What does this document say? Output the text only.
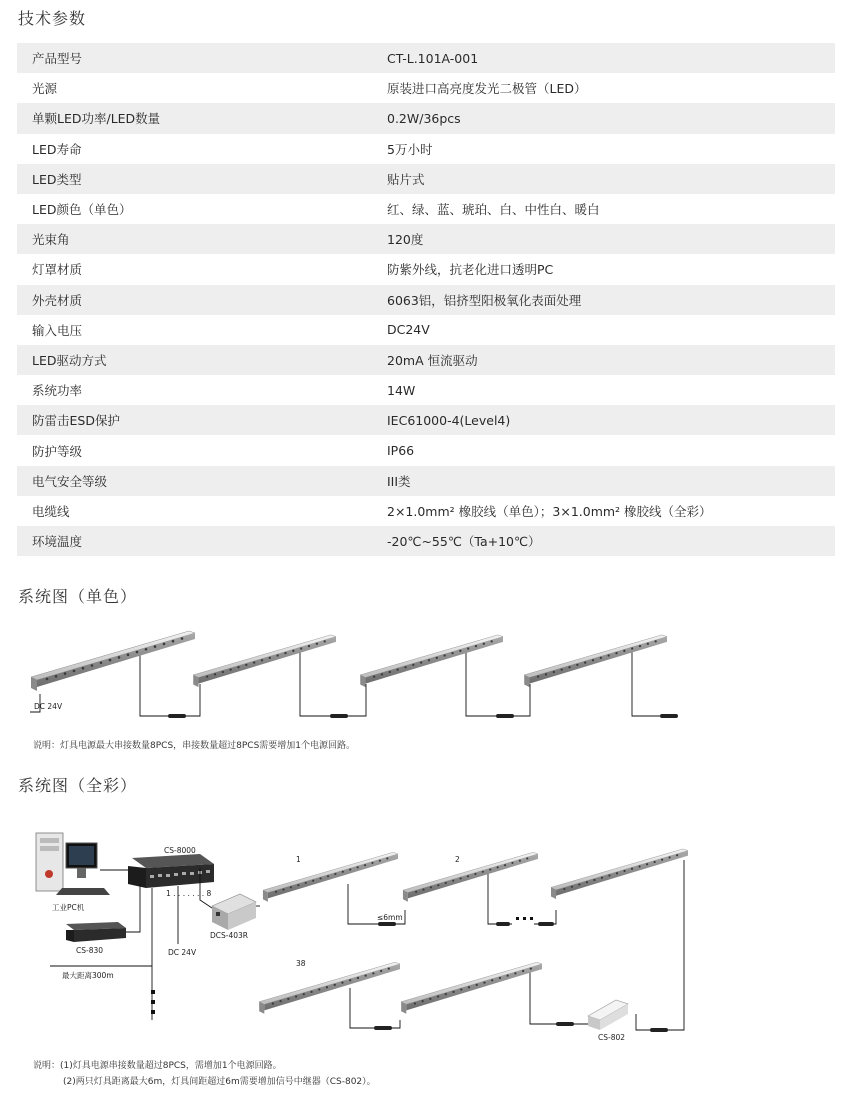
技术参数
产品型号	CT-L.101A-001
光源	原装进口高亮度发光二极管（LED）
单颗LED功率/LED数量	0.2W/36pcs
LED寿命	5万小时
LED类型	贴片式
LED颜色（单色）	红、绿、蓝、琥珀、白、中性白、暖白
光束角	120度
灯罩材质	防紫外线，抗老化进口透明PC
外壳材质	6063铝，铝挤型阳极氧化表面处理
输入电压	DC24V
LED驱动方式	20mA 恒流驱动
系统功率	14W
防雷击ESD保护	IEC61000-4(Level4)
防护等级	IP66
电气安全等级	III类
电缆线	2×1.0mm² 橡胶线（单色）；3×1.0mm² 橡胶线（全彩）
环境温度	-20℃~55℃（Ta+10℃）
系统图（单色）
DC 24V
说明：灯具电源最大串接数量8PCS，串接数量超过8PCS需要增加1个电源回路。
系统图（全彩）
CS-8000
1 . . . . . . . 8
工业PC机
CS-830
DCS-403R
DC 24V
最大距离300m
≤6mm
1	2
38
CS-802
说明：(1)灯具电源串接数量超过8PCS，需增加1个电源回路。
(2)两只灯具距离最大6m，灯具间距超过6m需要增加信号中继器（CS-802）。
